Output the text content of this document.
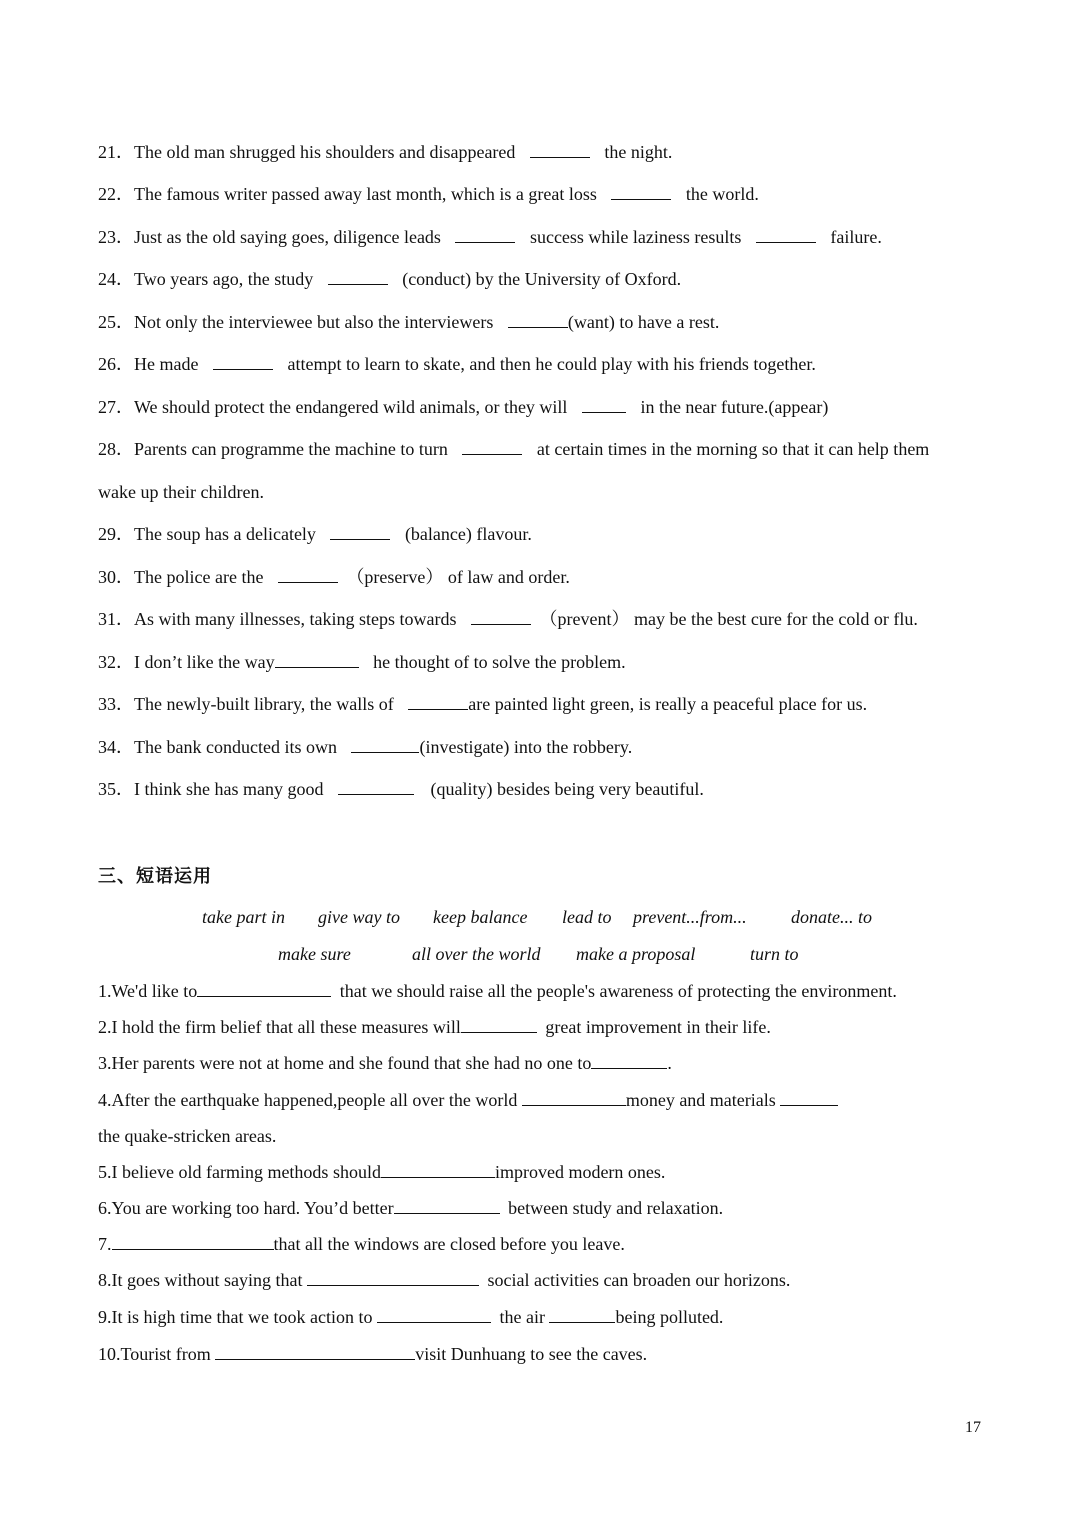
21．The old man shrugged his shoulders and disappeared	the night.
22．The famous writer passed away last month, which is a great loss	the world.
23．Just as the old saying goes, diligence leads	success while laziness results	failure.
24．Two years ago, the study	(conduct) by the University of Oxford.
25．Not only the interviewee but also the interviewers	(want) to have a rest.
26．He made	attempt to learn to skate, and then he could play with his friends together.
27．We should protect the endangered wild animals, or they will	in the near future.(appear)
28．Parents can programme the machine to turn	at certain times in the morning so that it can help them
wake up their children.
29．The soup has a delicately	(balance) flavour.
30．The police are the	（preserve） of law and order.
31．As with many illnesses, taking steps towards	（prevent） may be the best cure for the cold or flu.
32．I don’t like the way	he thought of to solve the problem.
33．The newly-built library, the walls of	are painted light green, is really a peaceful place for us.
34．The bank conducted its own	(investigate) into the robbery.
35．I think she has many good	(quality) besides being very beautiful.
三、短语运用
take part in give way to keep balance lead to prevent...from... donate... to
make sure	all over the world make a proposal	turn to
1.We'd like to	that we should raise all the people's awareness of protecting the environment.
2.I hold the firm belief that all these measures will	great improvement in their life.
3.Her parents were not at home and she found that she had no one to	.
4.After the earthquake happened,people all over the world	money and materials
the quake-stricken areas.
5.I believe old farming methods should	improved modern ones.
6.You are working too hard. You’d better	between study and relaxation.
7.	that all the windows are closed before you leave.
8.It goes without saying that	social activities can broaden our horizons.
9.It is high time that we took action to	the air	being polluted.
10.Tourist from	visit Dunhuang to see the caves.
17
